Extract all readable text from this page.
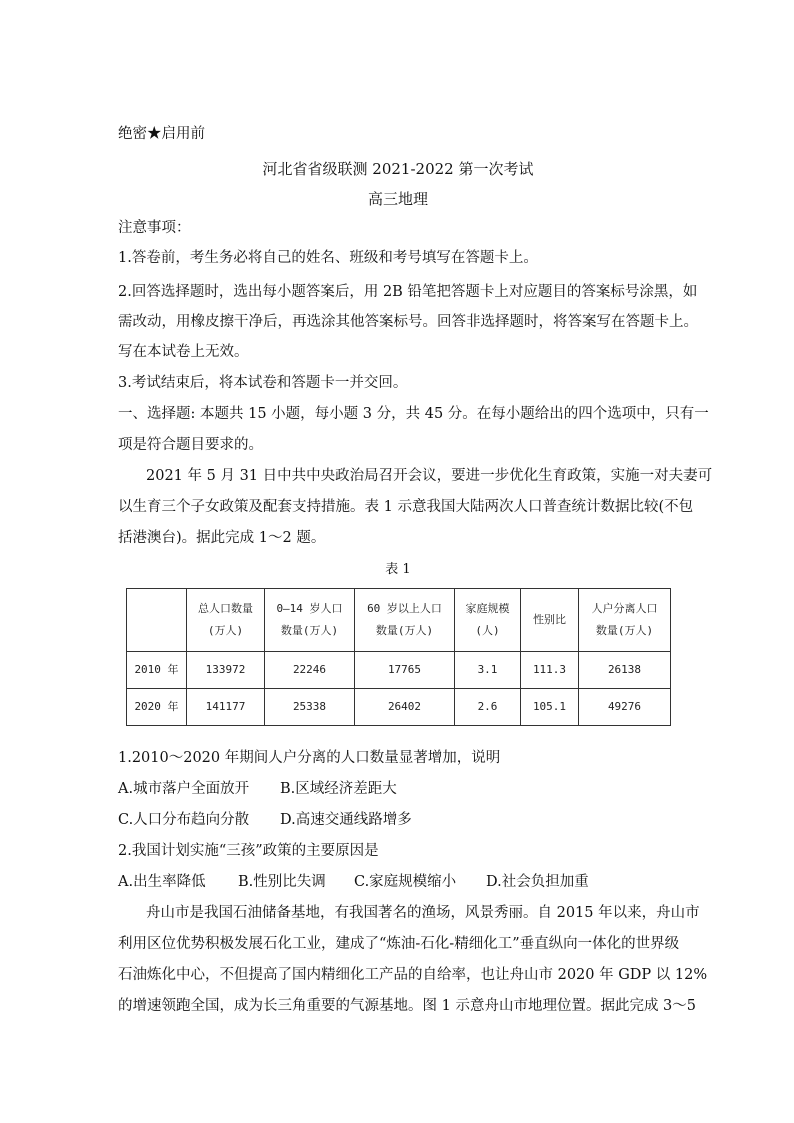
绝密★启用前
河北省省级联测 2021-2022 第一次考试
高三地理
注意事项：
1.答卷前，考生务必将自己的姓名、班级和考号填写在答题卡上。
2.回答选择题时，选出每小题答案后，用 2B 铅笔把答题卡上对应题目的答案标号涂黑，如
需改动，用橡皮擦干净后，再选涂其他答案标号。回答非选择题时，将答案写在答题卡上。
写在本试卷上无效。
3.考试结束后，将本试卷和答题卡一并交回。
一、选择题: 本题共 15 小题，每小题 3 分，共 45 分。在每小题给出的四个选项中，只有一
项是符合题目要求的。
2021 年 5 月 31 日中共中央政治局召开会议，要进一步优化生育政策，实施一对夫妻可
以生育三个子女政策及配套支持措施。表 1 示意我国大陆两次人口普查统计数据比较(不包
括港澳台)。据此完成 1～2 题。
表 1

	总人口数量
(万人)	0—14 岁人口
数量(万人)	60 岁以上人口
数量(万人)	家庭规模
(人)	性别比	人户分离人口
数量(万人)

2010 年	133972	22246	17765	3.1	111.3	26138
2020 年	141177	25338	26402	2.6	105.1	49276
1.2010～2020 年期间人户分离的人口数量显著增加，说明
A.城市落户全面放开 B.区域经济差距大
C.人口分布趋向分散 D.高速交通线路增多
2.我国计划实施“三孩”政策的主要原因是
A.出生率降低 B.性别比失调 C.家庭规模缩小 D.社会负担加重
舟山市是我国石油储备基地，有我国著名的渔场，风景秀丽。自 2015 年以来，舟山市
利用区位优势积极发展石化工业，建成了“炼油-石化-精细化工”垂直纵向一体化的世界级
石油炼化中心，不但提高了国内精细化工产品的自给率，也让舟山市 2020 年 GDP 以 12%
的增速领跑全国，成为长三角重要的气源基地。图 1 示意舟山市地理位置。据此完成 3～5
